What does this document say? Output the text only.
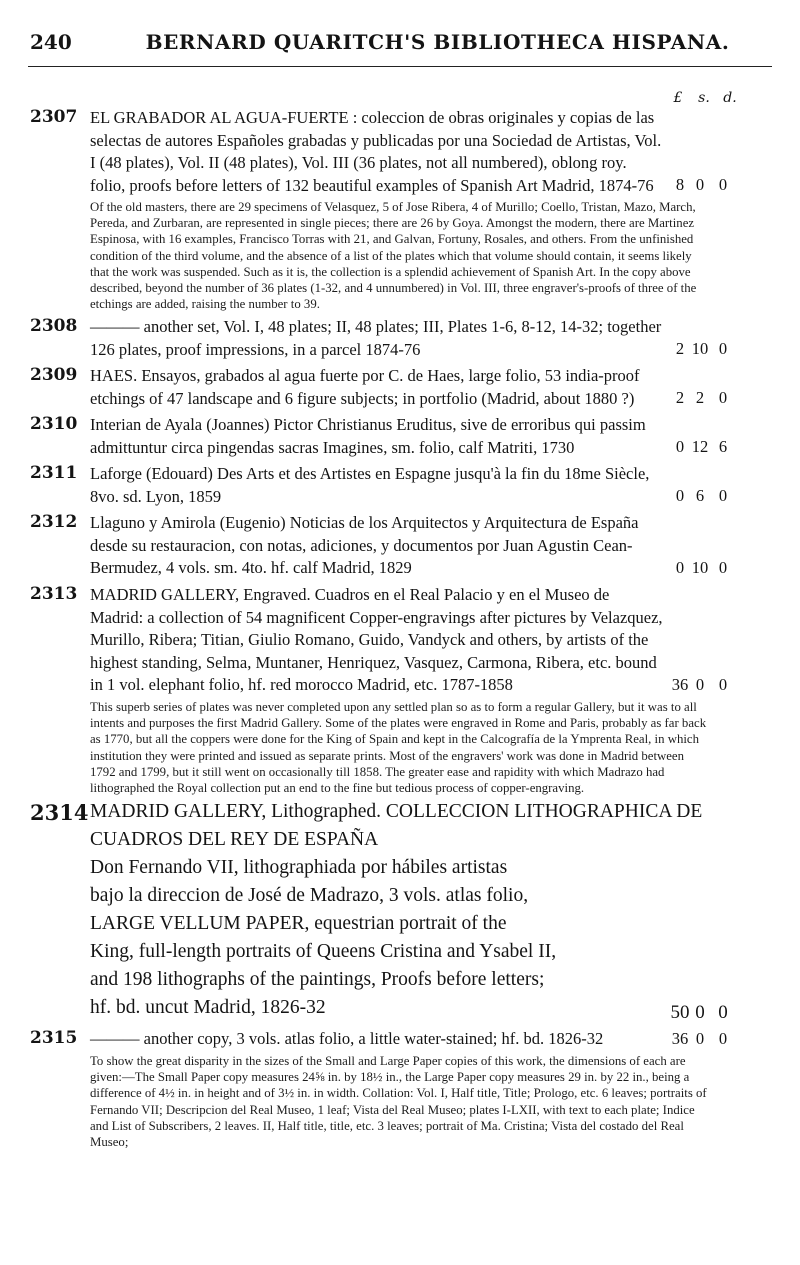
240	BERNARD QUARITCH'S BIBLIOTHECA HISPANA.
£	s. d.
2307 EL GRABADOR AL AGUA-FUERTE : coleccion de obras originales y copias de las selectas de autores Españoles grabadas y publicadas por una Sociedad de Artistas, Vol. I (48 plates), Vol. II (48 plates), Vol. III (36 plates, not all numbered), oblong roy. folio, proofs before letters of 132 beautiful examples of Spanish Art Madrid, 1874-76	8 0 0
Of the old masters, there are 29 specimens of Velasquez, 5 of Jose Ribera, 4 of Murillo; Coello, Tristan, Mazo, March, Pereda, and Zurbaran, are represented in single pieces; there are 26 by Goya. Amongst the modern, there are Martinez Espinosa, with 16 examples, Francisco Torras with 21, and Galvan, Fortuny, Rosales, and others. From the unfinished condition of the third volume, and the absence of a list of the plates which that volume should contain, it seems likely that the work was suspended. Such as it is, the collection is a splendid achievement of Spanish Art. In the copy above described, beyond the number of 36 plates (1-32, and 4 unnumbered) in Vol. III, three engraver's-proofs of three of the etchings are added, raising the number to 39.
2308 ——— another set, Vol. I, 48 plates; II, 48 plates; III, Plates 1-6, 8-12, 14-32; together 126 plates, proof impressions, in a parcel 1874-76	2 10 0
2309 HAES. Ensayos, grabados al agua fuerte por C. de Haes, large folio, 53 india-proof etchings of 47 landscape and 6 figure subjects; in portfolio (Madrid, about 1880 ?)	2 2 0
2310 Interian de Ayala (Joannes) Pictor Christianus Eruditus, sive de erroribus qui passim admittuntur circa pingendas sacras Imagines, sm. folio, calf Matriti, 1730	0 12 6
2311 Laforge (Edouard) Des Arts et des Artistes en Espagne jusqu'à la fin du 18me Siècle, 8vo. sd. Lyon, 1859	0 6 0
2312 Llaguno y Amirola (Eugenio) Noticias de los Arquitectos y Arquitectura de España desde su restauracion, con notas, adiciones, y documentos por Juan Agustin Cean-Bermudez, 4 vols. sm. 4to. hf. calf Madrid, 1829	0 10 0
2313 MADRID GALLERY, Engraved. Cuadros en el Real Palacio y en el Museo de Madrid: a collection of 54 magnificent Copper-engravings after pictures by Velazquez, Murillo, Ribera; Titian, Giulio Romano, Guido, Vandyck and others, by artists of the highest standing, Selma, Muntaner, Henriquez, Vasquez, Carmona, Ribera, etc. bound in 1 vol. elephant folio, hf. red morocco Madrid, etc. 1787-1858	36 0 0
This superb series of plates was never completed upon any settled plan so as to form a regular Gallery, but it was to all intents and purposes the first Madrid Gallery. Some of the plates were engraved in Rome and Paris, probably as far back as 1770, but all the coppers were done for the King of Spain and kept in the Calcografía de la Ymprenta Real, in which institution they were printed and issued as separate prints. Most of the engravers' work was done in Madrid between 1792 and 1799, but it still went on occasionally till 1858. The greater ease and rapidity with which Madrazo had lithographed the Royal collection put an end to the fine but tedious process of copper-engraving.
2314 MADRID GALLERY, Lithographed. COLLECCION LITHOGRAPHICA DE CUADROS DEL REY DE ESPAÑA
Don Fernando VII, lithographiada por hábiles artistas
bajo la direccion de José de Madrazo, 3 vols. atlas folio,
LARGE VELLUM PAPER, equestrian portrait of the
King, full-length portraits of Queens Cristina and Ysabel II,
and 198 lithographs of the paintings, Proofs before letters;
hf. bd. uncut Madrid, 1826-32	50 0 0
2315 ——— another copy, 3 vols. atlas folio, a little water-stained; hf. bd. 1826-32	36 0 0
To show the great disparity in the sizes of the Small and Large Paper copies of this work, the dimensions of each are given:—The Small Paper copy measures 24⅝ in. by 18½ in., the Large Paper copy measures 29 in. by 22 in., being a difference of 4½ in. in height and of 3½ in. in width. Collation: Vol. I, Half title, Title; Prologo, etc. 6 leaves; portraits of Fernando VII; Descripcion del Real Museo, 1 leaf; Vista del Real Museo; plates I-LXII, with text to each plate; Indice and List of Subscribers, 2 leaves. II, Half title, title, etc. 3 leaves; portrait of Ma. Cristina; Vista del costado del Real Museo;
